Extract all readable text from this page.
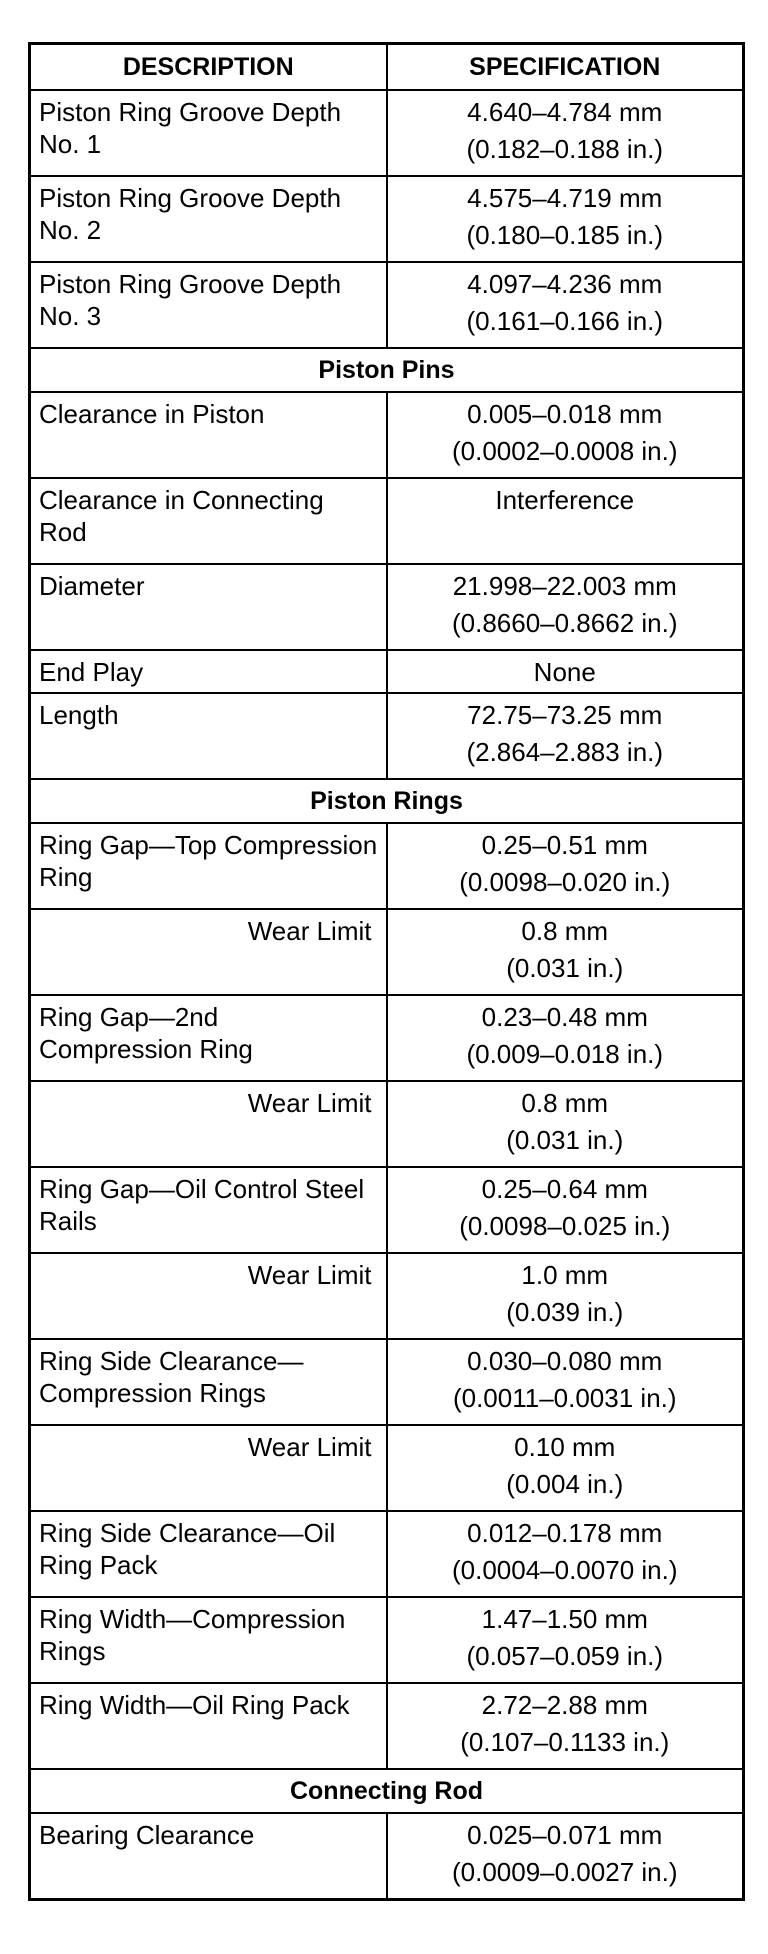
DESCRIPTION	SPECIFICATION

Piston Ring Groove Depth No. 1	4.640–4.784 mm
(0.182–0.188 in.)

Piston Ring Groove Depth No. 2	4.575–4.719 mm
(0.180–0.185 in.)

Piston Ring Groove Depth No. 3	4.097–4.236 mm
(0.161–0.166 in.)

Piston Pins	

Clearance in Piston	0.005–0.018 mm
(0.0002–0.0008 in.)

Clearance in Connecting Rod	Interference

Diameter	21.998–22.003 mm
(0.8660–0.8662 in.)

End Play	None

Length	72.75–73.25 mm
(2.864–2.883 in.)

Piston Rings	

Ring Gap—Top Compression Ring	0.25–0.51 mm
(0.0098–0.020 in.)

Wear Limit	0.8 mm
(0.031 in.)

Ring Gap—2nd Compression Ring	0.23–0.48 mm
(0.009–0.018 in.)

Wear Limit	0.8 mm
(0.031 in.)

Ring Gap—Oil Control Steel Rails	0.25–0.64 mm
(0.0098–0.025 in.)

Wear Limit	1.0 mm
(0.039 in.)

Ring Side Clearance—Compression Rings	0.030–0.080 mm
(0.0011–0.0031 in.)

Wear Limit	0.10 mm
(0.004 in.)

Ring Side Clearance—Oil Ring Pack	0.012–0.178 mm
(0.0004–0.0070 in.)

Ring Width—Compression Rings	1.47–1.50 mm
(0.057–0.059 in.)

Ring Width—Oil Ring Pack	2.72–2.88 mm
(0.107–0.1133 in.)

Connecting Rod	

Bearing Clearance	0.025–0.071 mm
(0.0009–0.0027 in.)
